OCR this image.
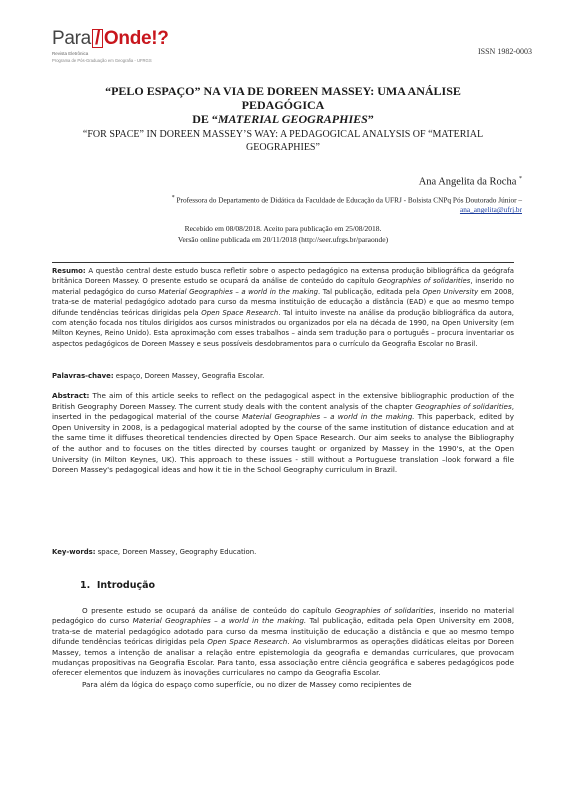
Para / Onde!?
Revista Eletrônica
Programa de Pós-Graduação em Geografia - UFRGS
ISSN 1982-0003
“PELO ESPAÇO” NA VIA DE DOREEN MASSEY: UMA ANÁLISE PEDAGÓGICA
DE “MATERIAL GEOGRAPHIES”
“FOR SPACE” IN DOREEN MASSEY’S WAY: A PEDAGOGICAL ANALYSIS OF “MATERIAL GEOGRAPHIES”
Ana Angelita da Rocha *
* Professora do Departamento de Didática da Faculdade de Educação da UFRJ - Bolsista CNPq Pós Doutorado Júnior –
ana_angelita@ufrj.br
Recebido em 08/08/2018. Aceito para publicação em 25/08/2018.
Versão online publicada em 20/11/2018 (http://seer.ufrgs.br/paraonde)
Resumo: A questão central deste estudo busca refletir sobre o aspecto pedagógico na extensa produção bibliográfica da geógrafa britânica Doreen Massey. O presente estudo se ocupará da análise de conteúdo do capítulo Geographies of solidarities, inserido no material pedagógico do curso Material Geographies – a world in the making. Tal publicação, editada pela Open University em 2008, trata-se de material pedagógico adotado para curso da mesma instituição de educação a distância (EAD) e que ao mesmo tempo difunde tendências teóricas dirigidas pela Open Space Research. Tal intuito investe na análise da produção bibliográfica da autora, com atenção focada nos títulos dirigidos aos cursos ministrados ou organizados por ela na década de 1990, na Open University (em Milton Keynes, Reino Unido). Esta aproximação com esses trabalhos – ainda sem tradução para o português – procura inventariar os aspectos pedagógicos de Doreen Massey e seus possíveis desdobramentos para o currículo da Geografia Escolar no Brasil.
Palavras-chave: espaço, Doreen Massey, Geografia Escolar.
Abstract: The aim of this article seeks to reflect on the pedagogical aspect in the extensive bibliographic production of the British Geography Doreen Massey. The current study deals with the content analysis of the chapter Geographies of solidarities, inserted in the pedagogical material of the course Material Geographies – a world in the making. This paperback, edited by Open University in 2008, is a pedagogical material adopted by the course of the same institution of distance education and at the same time it diffuses theoretical tendencies directed by Open Space Research. Our aim seeks to analyse the Bibliography of the author and to focuses on the titles directed by courses taught or organized by Massey in the 1990's, at the Open University (in Milton Keynes, UK). This approach to these issues - still without a Portuguese translation –look forward a file Doreen Massey's pedagogical ideas and how it tie in the School Geography curriculum in Brazil.
Key-words: space, Doreen Massey, Geography Education.
1. Introdução

O presente estudo se ocupará da análise de conteúdo do capítulo Geographies of solidarities, inserido no material pedagógico do curso Material Geographies – a world in the making. Tal publicação, editada pela Open University em 2008, trata-se de material pedagógico adotado para curso da mesma instituição de educação a distância e que ao mesmo tempo difunde tendências teóricas dirigidas pela Open Space Research. Ao vislumbrarmos as operações didáticas eleitas por Doreen Massey, temos a intenção de analisar a relação entre epistemologia da geografia e demandas curriculares, que provocam mudanças propositivas na Geografia Escolar. Para tanto, essa associação entre ciência geográfica e saberes pedagógicos pode oferecer elementos que induzem às inovações curriculares no campo da Geografia Escolar.

Para além da lógica do espaço como superfície, ou no dizer de Massey como recipientes de
